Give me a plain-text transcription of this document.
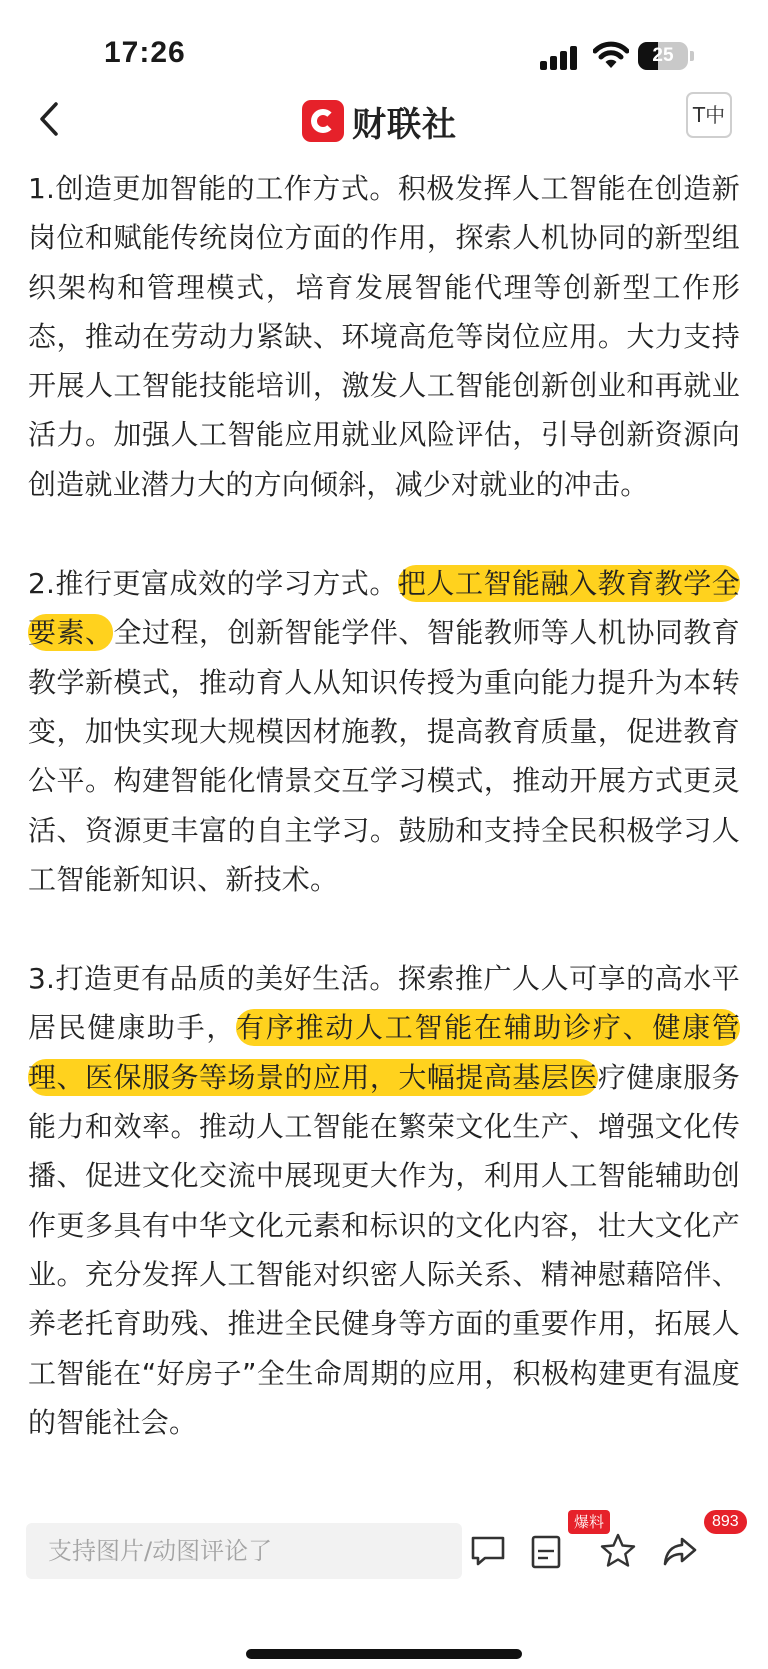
17:26	25
财联社	T中

1.创造更加智能的工作方式。积极发挥人工智能在创造新岗位和赋能传统岗位方面的作用，探索人机协同的新型组织架构和管理模式，培育发展智能代理等创新型工作形态，推动在劳动力紧缺、环境高危等岗位应用。大力支持开展人工智能技能培训，激发人工智能创新创业和再就业活力。加强人工智能应用就业风险评估，引导创新资源向创造就业潜力大的方向倾斜，减少对就业的冲击。

2.推行更富成效的学习方式。把人工智能融入教育教学全要素、全过程，创新智能学伴、智能教师等人机协同教育教学新模式，推动育人从知识传授为重向能力提升为本转变，加快实现大规模因材施教，提高教育质量，促进教育公平。构建智能化情景交互学习模式，推动开展方式更灵活、资源更丰富的自主学习。鼓励和支持全民积极学习人工智能新知识、新技术。

3.打造更有品质的美好生活。探索推广人人可享的高水平居民健康助手，有序推动人工智能在辅助诊疗、健康管理、医保服务等场景的应用，大幅提高基层医疗健康服务能力和效率。推动人工智能在繁荣文化生产、增强文化传播、促进文化交流中展现更大作为，利用人工智能辅助创作更多具有中华文化元素和标识的文化内容，壮大文化产业。充分发挥人工智能对织密人际关系、精神慰藉陪伴、养老托育助残、推进全民健身等方面的重要作用，拓展人工智能在“好房子”全生命周期的应用，积极构建更有温度的智能社会。

支持图片/动图评论了
爆料	893
